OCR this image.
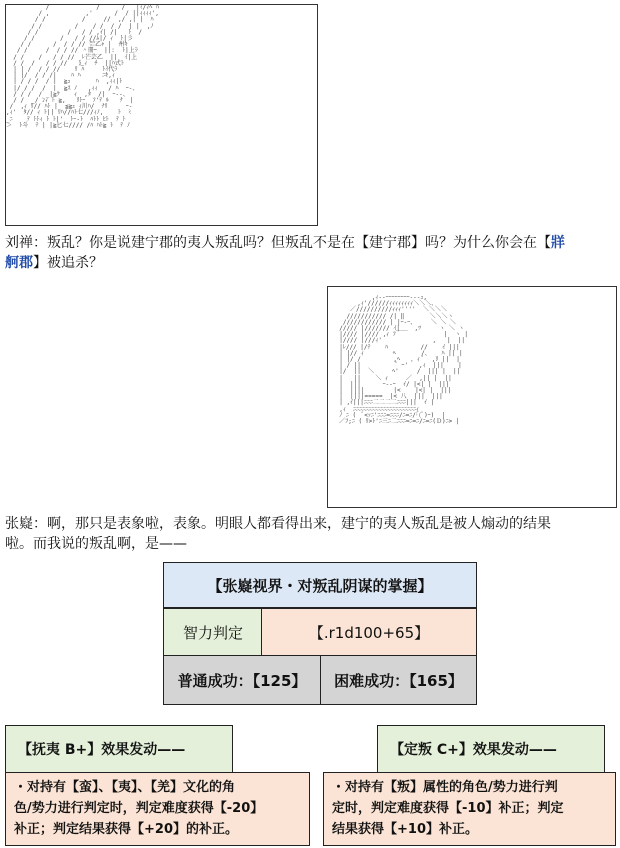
/             /      /   |ﾐ/ｨﾍ ﾊ
/ ,          ,'      /  / ||ｨｨｨｨ',
/ /          /     //  ,/ ,| |  ﾊ
/ /         /    / /  / /  | |  ,ﾉ
/ /        /   / / ,ｲ| /|   ﾄ  /
/ /       /   / / //ﾑ|/ ｨ  ﾄ|彡
/ /      /  / / // ㌍乙ｬ |  州ｷ
/ /     /  / / // ＾冊ｰ  ||:  ﾄ|上ﾗ
/ /    /   / / //  ﾚ芒芸乙  ||  ｲ|上
/ /  /   / / //   廴ｨ  ﾁ  ||ﾊ式ﾄ
| | /  / / //    ﾘ ﾊ     ﾄｲ代ﾗ
| |/  / / /|    ﾊ ﾊ      ﾆｷ,ｨ
| / / /  / |  ≧ｭ       ﾊ  ,ｨｨ|ﾄ
|/ / /  /  |  ≧ｽ ﾉ   ,ｨｨ   / ﾊ  ｰ-、
/ / /  / _|≧ｸ    ｨ  ,ﾀ  /|  ｰ--、
/ /  _/ ﾝｨ ﾄ ≧,   ﾘﾄｰ  ﾌ'ﾃ ﾙ   ﾅ  |
/  ,ｨ ﾘ// ﾊﾄ |  ≦≧ｭ ｨ川ﾊ/  ﾅﾘ     ｰ-
,ｨ'  ﾀ// ｨ ﾄ|| ﾘﾊ//ﾊﾄ七///ｨﾉ,    ﾄ  ﾐ
_ﾆ    ﾃ ﾄﾄｨ ﾄ ﾄ|'  ﾄｰ-ﾄ  ﾊﾄﾄ ﾋﾄ  ﾃ ﾄ
＞  ﾄ斗  ﾃ | |≧匕七//// /ﾊ ﾊﾄ≧ ﾄ  ﾃ ﾉ
刘禅：叛乱？你是说建宁郡的夷人叛乱吗？但叛乱不是在【建宁郡】吗？为什么你会在【牂
舸郡】被追杀？
,ｨ--ｰｰｰｰｰｰｰｰ---ｭ,
,ｨ'//////ｨｨｨｨｨｨｨｨ＼＼＼、
／//////////ｨｨｨ''''  ＼＼＼＼
/////////// /| ‖       ＼＼＼ヽ
//////////// | |ｰ-ｰ、    ＼ ＼ ＼
///// |/////// ｲ|    ,ﾂ     ヽ ＼ ヽ
|//// |//// ,ｨ ﾌ￣￣          |  ヽ |
|//// |///ｨ'              ,   |  ||
|ﾚ/// |/ﾃ    ﾊ         //    ｲ |||
| |// ｨ        ﾍ       /、   ﾊ || |
| |/ /         ,ﾍ   ，ｨ ﾟ  ,ﾘ ||  |
| / ||          ﾟ ｰ'   ,ｨ  |||    |
|/  ||  ＼     ﾍ'     /  ||| |  ||
|   ||    ＼ ｨ     ／  ,|| |  ||
|  |||      ｰ--ｰ  ｲ/ |<| |  |||
|  ||||        |<    |<| |  |||
|  ||||=====  |< 八  |||  |||
| ,ｲ|||ﾆﾆﾆ二二二二ﾆﾆﾆ|||  ｲ |
,ｨ  ﾆﾆﾆﾆﾆﾆﾆﾆﾆﾆﾆﾆﾆﾆﾆﾆﾆﾆﾆﾆﾆｨ
ﾉ ﾆ (  ﾟ<ｧﾆ'ﾆﾆﾆ=ﾆﾆﾆ/ﾆ=ﾆ/｢(ﾟ)ｰ)  |
／ﾌ;ﾆ ( ﾘ>ﾄ'ﾆ三ﾆ二ﾆﾆﾆ=ﾆ=ﾆ/ﾆ=ﾆ(Ｄ)ﾆ> |
张嶷：啊，那只是表象啦，表象。明眼人都看得出来，建宁的夷人叛乱是被人煽动的结果
啦。而我说的叛乱啊，是——
【张嶷视界・对叛乱阴谋的掌握】
智力判定	【.r1d100+65】
普通成功：【125】	困难成功：【165】
【抚夷 B+】效果发动——
・对持有【蛮】、【夷】、【羌】文化的角
色/势力进行判定时，判定难度获得【-20】
补正；判定结果获得【+20】的补正。
【定叛 C+】效果发动——
・对持有【叛】属性的角色/势力进行判
定时，判定难度获得【-10】补正；判定
结果获得【+10】补正。
